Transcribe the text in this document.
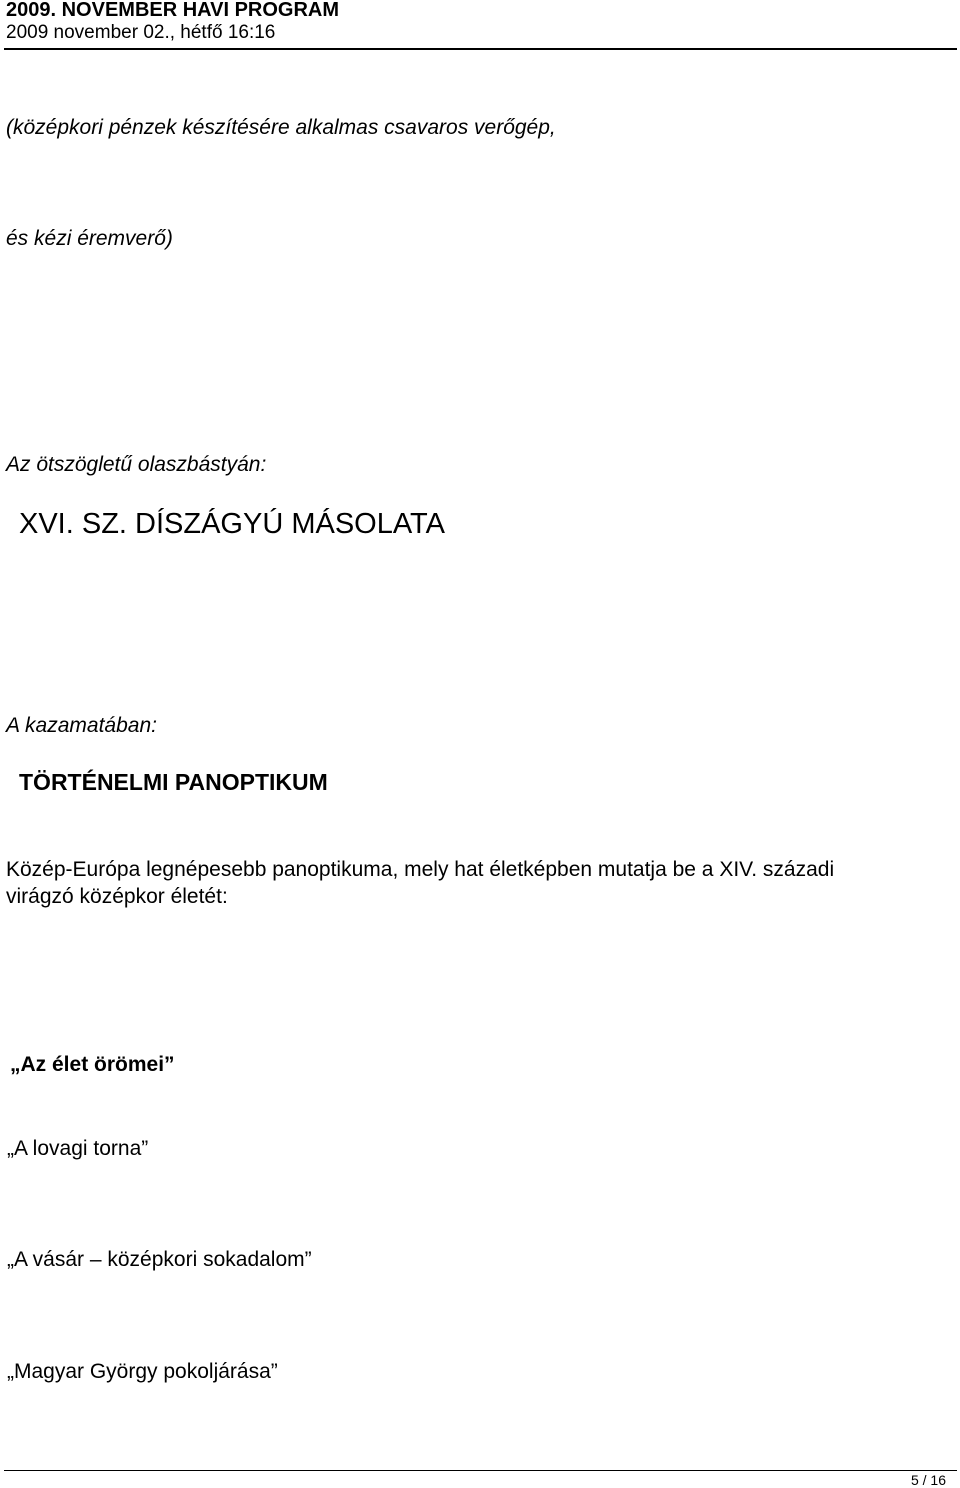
2009. NOVEMBER HAVI PROGRAM
2009 november 02., hétfő 16:16
(középkori pénzek készítésére alkalmas csavaros verőgép,
és kézi éremverő)
Az ötszögletű olaszbástyán:
XVI. SZ. DÍSZÁGYÚ MÁSOLATA
A kazamatában:
TÖRTÉNELMI PANOPTIKUM
Közép-Európa legnépesebb panoptikuma, mely hat életképben mutatja be a XIV. századi virágzó középkor életét:
„Az élet örömei”
„A lovagi torna”
„A vásár – középkori sokadalom”
„Magyar György pokoljárása”
5 / 16
